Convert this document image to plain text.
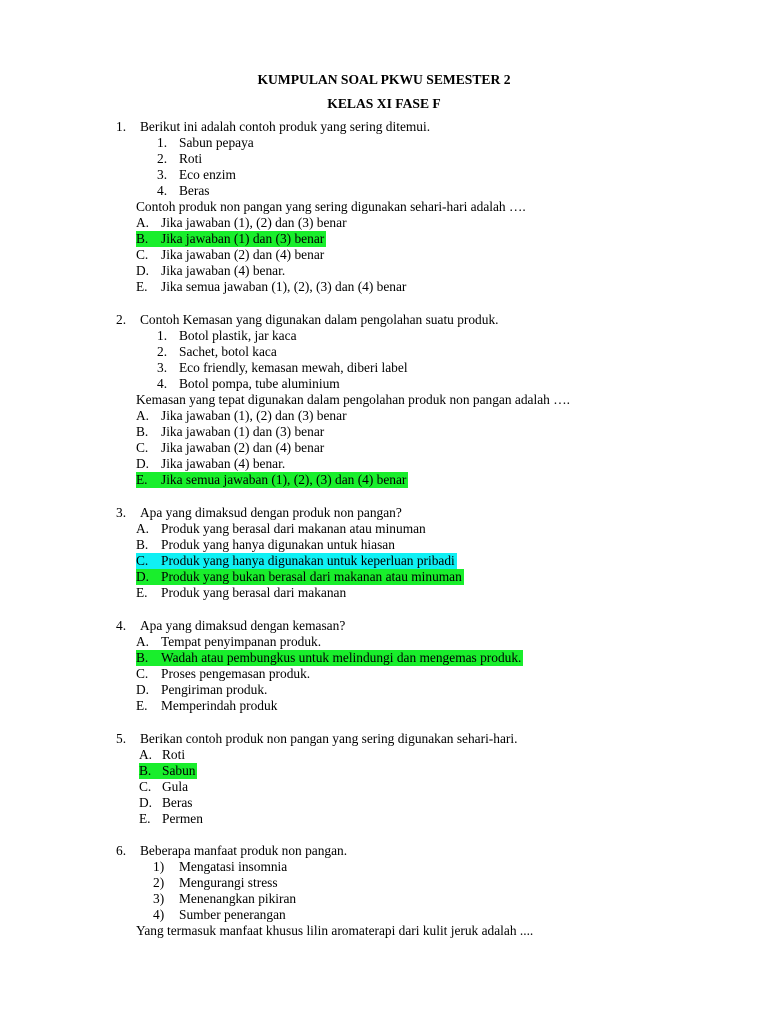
KUMPULAN SOAL PKWU SEMESTER 2
KELAS XI FASE F
1. Berikut ini adalah contoh produk yang sering ditemui.
1. Sabun pepaya
2. Roti
3. Eco enzim
4. Beras
Contoh produk non pangan yang sering digunakan sehari-hari adalah ….
A. Jika jawaban (1), (2) dan (3) benar
B. Jika jawaban (1) dan (3) benar
C. Jika jawaban (2) dan (4) benar
D. Jika jawaban (4) benar.
E. Jika semua jawaban (1), (2), (3) dan (4) benar
2. Contoh Kemasan yang digunakan dalam pengolahan suatu produk.
1. Botol plastik, jar kaca
2. Sachet, botol kaca
3. Eco friendly, kemasan mewah, diberi label
4. Botol pompa, tube aluminium
Kemasan yang tepat digunakan dalam pengolahan produk non pangan adalah ….
A. Jika jawaban (1), (2) dan (3) benar
B. Jika jawaban (1) dan (3) benar
C. Jika jawaban (2) dan (4) benar
D. Jika jawaban (4) benar.
E. Jika semua jawaban (1), (2), (3) dan (4) benar
3. Apa yang dimaksud dengan produk non pangan?
A. Produk yang berasal dari makanan atau minuman
B. Produk yang hanya digunakan untuk hiasan
C. Produk yang hanya digunakan untuk keperluan pribadi
D. Produk yang bukan berasal dari makanan atau minuman
E. Produk yang berasal dari makanan
4. Apa yang dimaksud dengan kemasan?
A. Tempat penyimpanan produk.
B. Wadah atau pembungkus untuk melindungi dan mengemas produk.
C. Proses pengemasan produk.
D. Pengiriman produk.
E. Memperindah produk
5. Berikan contoh produk non pangan yang sering digunakan sehari-hari.
A. Roti
B. Sabun
C. Gula
D. Beras
E. Permen
6. Beberapa manfaat produk non pangan.
1) Mengatasi insomnia
2) Mengurangi stress
3) Menenangkan pikiran
4) Sumber penerangan
Yang termasuk manfaat khusus lilin aromaterapi dari kulit jeruk adalah ....
